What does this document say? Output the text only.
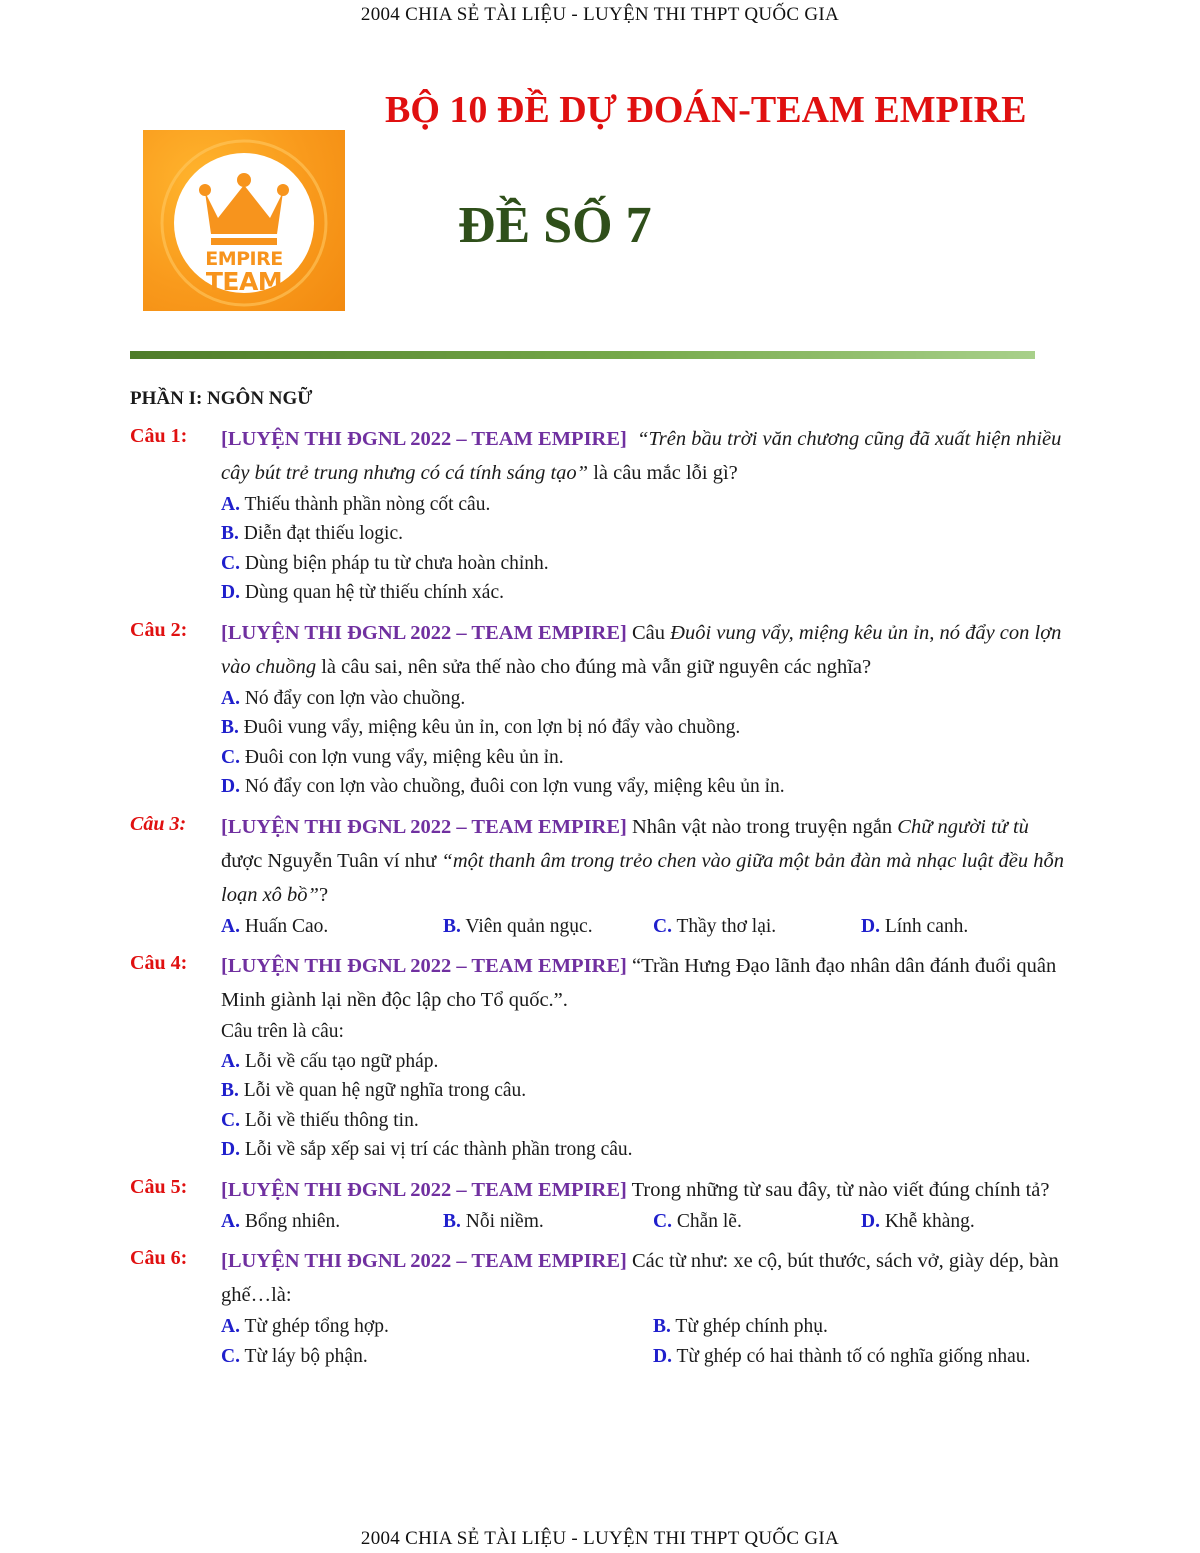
2004 CHIA SẺ TÀI LIỆU - LUYỆN THI THPT QUỐC GIA
EMPIRE
TEAM
BỘ 10 ĐỀ DỰ ĐOÁN-TEAM EMPIRE
ĐỀ SỐ 7
PHẦN I: NGÔN NGỮ
Câu 1: [LUYỆN THI ĐGNL 2022 – TEAM EMPIRE] “Trên bầu trời văn chương cũng đã xuất hiện nhiều cây bút trẻ trung nhưng có cá tính sáng tạo” là câu mắc lỗi gì?
A. Thiếu thành phần nòng cốt câu.
B. Diễn đạt thiếu logic.
C. Dùng biện pháp tu từ chưa hoàn chỉnh.
D. Dùng quan hệ từ thiếu chính xác.
Câu 2: [LUYỆN THI ĐGNL 2022 – TEAM EMPIRE] Câu Đuôi vung vẩy, miệng kêu ủn ỉn, nó đẩy con lợn vào chuồng là câu sai, nên sửa thế nào cho đúng mà vẫn giữ nguyên các nghĩa?
A. Nó đẩy con lợn vào chuồng.
B. Đuôi vung vẩy, miệng kêu ủn ỉn, con lợn bị nó đẩy vào chuồng.
C. Đuôi con lợn vung vẩy, miệng kêu ủn ỉn.
D. Nó đẩy con lợn vào chuồng, đuôi con lợn vung vẩy, miệng kêu ủn ỉn.
Câu 3: [LUYỆN THI ĐGNL 2022 – TEAM EMPIRE] Nhân vật nào trong truyện ngắn Chữ người tử tù được Nguyễn Tuân ví như “một thanh âm trong trẻo chen vào giữa một bản đàn mà nhạc luật đều hỗn loạn xô bồ”?
A. Huấn Cao.	B. Viên quản ngục.	C. Thầy thơ lại.	D. Lính canh.
Câu 4: [LUYỆN THI ĐGNL 2022 – TEAM EMPIRE] “Trần Hưng Đạo lãnh đạo nhân dân đánh đuổi quân Minh giành lại nền độc lập cho Tổ quốc.”.
Câu trên là câu:
A. Lỗi về cấu tạo ngữ pháp.
B. Lỗi về quan hệ ngữ nghĩa trong câu.
C. Lỗi về thiếu thông tin.
D. Lỗi về sắp xếp sai vị trí các thành phần trong câu.
Câu 5: [LUYỆN THI ĐGNL 2022 – TEAM EMPIRE] Trong những từ sau đây, từ nào viết đúng chính tả?
A. Bổng nhiên.	B. Nỗi niềm.	C. Chẵn lẽ.	D. Khễ khàng.
Câu 6: [LUYỆN THI ĐGNL 2022 – TEAM EMPIRE] Các từ như: xe cộ, bút thước, sách vở, giày dép, bàn ghế…là:
A. Từ ghép tổng hợp.	B. Từ ghép chính phụ.
C. Từ láy bộ phận.	D. Từ ghép có hai thành tố có nghĩa giống nhau.
2004 CHIA SẺ TÀI LIỆU - LUYỆN THI THPT QUỐC GIA
